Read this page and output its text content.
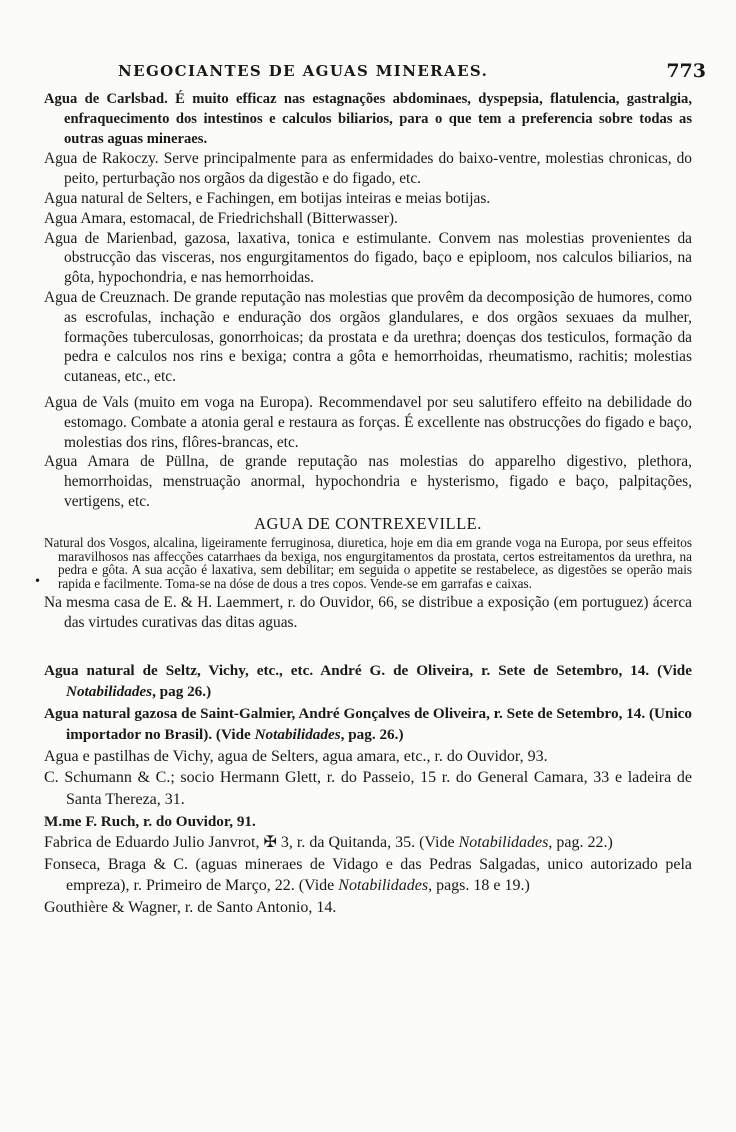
NEGOCIANTES DE AGUAS MINERAES.	773

Agua de Carlsbad. É muito efficaz nas estagnações abdominaes, dyspepsia, flatulencia, gastralgia, enfraquecimento dos intestinos e calculos biliarios, para o que tem a preferencia sobre todas as outras aguas mineraes.

Agua de Rakoczy. Serve principalmente para as enfermidades do baixo-ventre, molestias chronicas, do peito, perturbação nos orgãos da digestão e do figado, etc.

Agua natural de Selters, e Fachingen, em botijas inteiras e meias botijas.

Agua Amara, estomacal, de Friedrichshall (Bitterwasser).

Agua de Marienbad, gazosa, laxativa, tonica e estimulante. Convem nas molestias provenientes da obstrucção das visceras, nos engurgitamentos do figado, baço e epiploom, nos calculos biliarios, na gôta, hypochondria, e nas hemorrhoidas.

Agua de Creuznach. De grande reputação nas molestias que provêm da decomposição de humores, como as escrofulas, inchação e enduração dos orgãos glandulares, e dos orgãos sexuaes da mulher, formações tuberculosas, gonorrhoicas; da prostata e da urethra; doenças dos testiculos, formação da pedra e calculos nos rins e bexiga; contra a gôta e hemorrhoidas, rheumatismo, rachitis; molestias cutaneas, etc., etc.

Agua de Vals (muito em voga na Europa). Recommendavel por seu salutifero effeito na debilidade do estomago. Combate a atonia geral e restaura as forças. É excellente nas obstrucções do figado e baço, molestias dos rins, flôres-brancas, etc.

Agua Amara de Püllna, de grande reputação nas molestias do apparelho digestivo, plethora, hemorrhoidas, menstruação anormal, hypochondria e hysterismo, figado e baço, palpitações, vertigens, etc.

AGUA DE CONTREXEVILLE.

Natural dos Vosgos, alcalina, ligeiramente ferruginosa, diuretica, hoje em dia em grande voga na Europa, por seus effeitos maravilhosos nas affecções catarrhaes da bexiga, nos engurgitamentos da prostata, certos estreitamentos da urethra, na pedra e gôta. A sua acção é laxativa, sem debilitar; em seguida o appetite se restabelece, as digestões se operão mais rapida e facilmente. Toma-se na dóse de dous a tres copos. Vende-se em garrafas e caixas.

Na mesma casa de E. & H. Laemmert, r. do Ouvidor, 66, se distribue a exposição (em portuguez) ácerca das virtudes curativas das ditas aguas.

Agua natural de Seltz, Vichy, etc., etc. André G. de Oliveira, r. Sete de Setembro, 14. (Vide Notabilidades, pag 26.)

Agua natural gazosa de Saint-Galmier, André Gonçalves de Oliveira, r. Sete de Setembro, 14. (Unico importador no Brasil). (Vide Notabilidades, pag. 26.)

Agua e pastilhas de Vichy, agua de Selters, agua amara, etc., r. do Ouvidor, 93.

C. Schumann & C.; socio Hermann Glett, r. do Passeio, 15 r. do General Camara, 33 e ladeira de Santa Thereza, 31.

M.me F. Ruch, r. do Ouvidor, 91.

Fabrica de Eduardo Julio Janvrot, ✠ 3, r. da Quitanda, 35. (Vide Notabilidades, pag. 22.)

Fonseca, Braga & C. (aguas mineraes de Vidago e das Pedras Salgadas, unico autorizado pela empreza), r. Primeiro de Março, 22. (Vide Notabilidades, pags. 18 e 19.)

Gouthière & Wagner, r. de Santo Antonio, 14.

•
